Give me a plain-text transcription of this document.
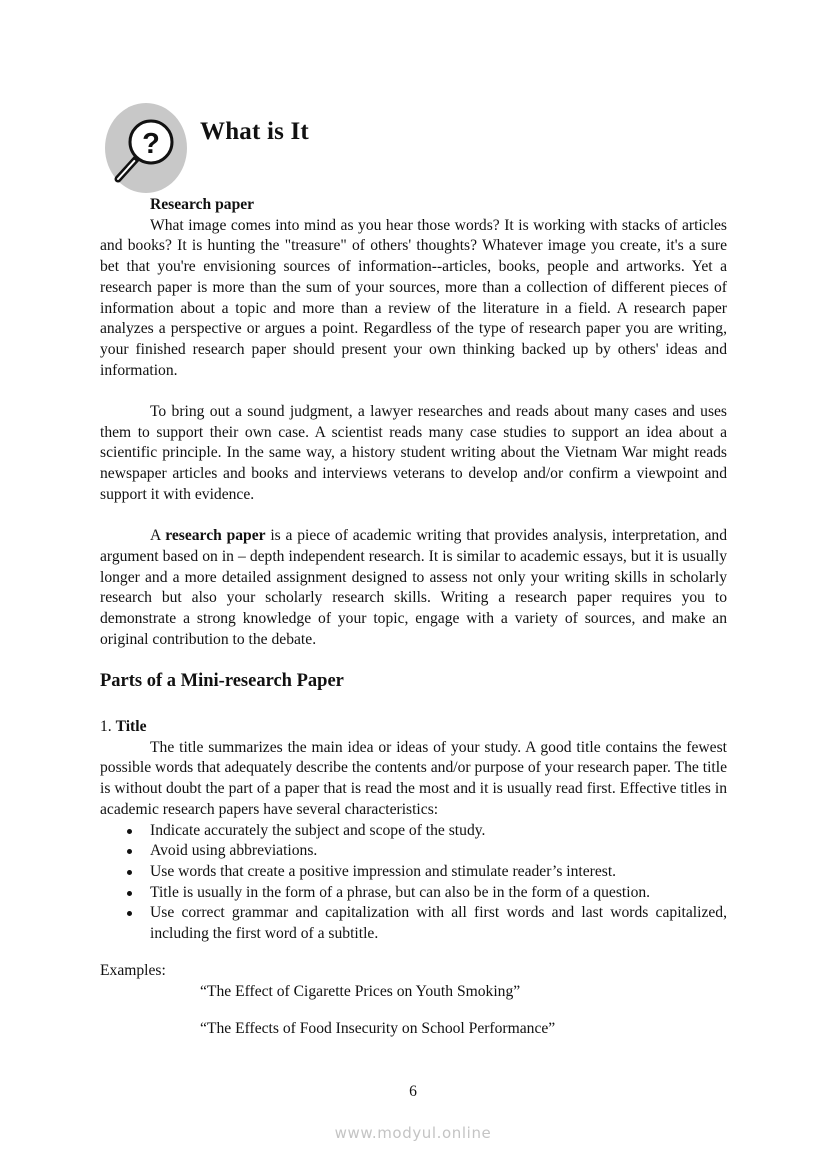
? What is It
Research paper

What image comes into mind as you hear those words? It is working with stacks of articles and books? It is hunting the "treasure" of others' thoughts? Whatever image you create, it's a sure bet that you're envisioning sources of information--articles, books, people and artworks. Yet a research paper is more than the sum of your sources, more than a collection of different pieces of information about a topic and more than a review of the literature in a field. A research paper analyzes a perspective or argues a point. Regardless of the type of research paper you are writing, your finished research paper should present your own thinking backed up by others' ideas and information.

To bring out a sound judgment, a lawyer researches and reads about many cases and uses them to support their own case. A scientist reads many case studies to support an idea about a scientific principle. In the same way, a history student writing about the Vietnam War might reads newspaper articles and books and interviews veterans to develop and/or confirm a viewpoint and support it with evidence.

A research paper is a piece of academic writing that provides analysis, interpretation, and argument based on in – depth independent research. It is similar to academic essays, but it is usually longer and a more detailed assignment designed to assess not only your writing skills in scholarly research but also your scholarly research skills. Writing a research paper requires you to demonstrate a strong knowledge of your topic, engage with a variety of sources, and make an original contribution to the debate.

Parts of a Mini-research Paper
1. Title

The title summarizes the main idea or ideas of your study. A good title contains the fewest possible words that adequately describe the contents and/or purpose of your research paper. The title is without doubt the part of a paper that is read the most and it is usually read first. Effective titles in academic research papers have several characteristics:

Indicate accurately the subject and scope of the study.
Avoid using abbreviations.
Use words that create a positive impression and stimulate reader’s interest.
Title is usually in the form of a phrase, but can also be in the form of a question.
Use correct grammar and capitalization with all first words and last words capitalized, including the first word of a subtitle.
Examples:
“The Effect of Cigarette Prices on Youth Smoking”
“The Effects of Food Insecurity on School Performance”
6
www.modyul.online
